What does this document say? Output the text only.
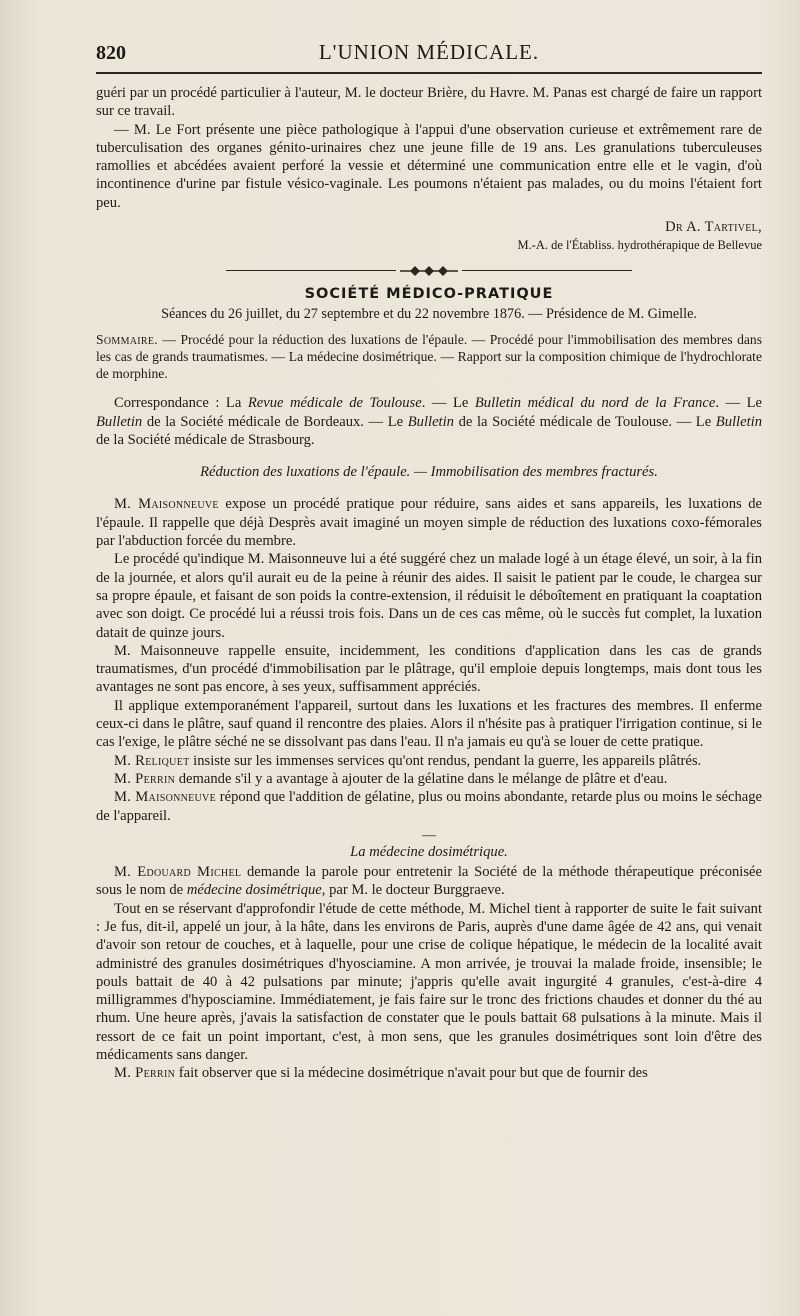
820	L'UNION MÉDICALE.

guéri par un procédé particulier à l'auteur, M. le docteur Brière, du Havre. M. Panas est chargé de faire un rapport sur ce travail.

— M. Le Fort présente une pièce pathologique à l'appui d'une observation curieuse et extrêmement rare de tuberculisation des organes génito-urinaires chez une jeune fille de 19 ans. Les granulations tuberculeuses ramollies et abcédées avaient perforé la vessie et déterminé une communication entre elle et le vagin, d'où incontinence d'urine par fistule vésico-vaginale. Les poumons n'étaient pas malades, ou du moins l'étaient fort peu.

Dr A. Tartivel,
M.-A. de l'Établiss. hydrothérapique de Bellevue
SOCIÉTÉ MÉDICO-PRATIQUE
Séances du 26 juillet, du 27 septembre et du 22 novembre 1876. — Présidence de M. Gimelle.

Sommaire. — Procédé pour la réduction des luxations de l'épaule. — Procédé pour l'immobilisation des membres dans les cas de grands traumatismes. — La médecine dosimétrique. — Rapport sur la composition chimique de l'hydrochlorate de morphine.

Correspondance : La Revue médicale de Toulouse. — Le Bulletin médical du nord de la France. — Le Bulletin de la Société médicale de Bordeaux. — Le Bulletin de la Société médicale de Toulouse. — Le Bulletin de la Société médicale de Strasbourg.

Réduction des luxations de l'épaule. — Immobilisation des membres fracturés.

M. Maisonneuve expose un procédé pratique pour réduire, sans aides et sans appareils, les luxations de l'épaule. Il rappelle que déjà Desprès avait imaginé un moyen simple de réduction des luxations coxo-fémorales par l'abduction forcée du membre.

Le procédé qu'indique M. Maisonneuve lui a été suggéré chez un malade logé à un étage élevé, un soir, à la fin de la journée, et alors qu'il aurait eu de la peine à réunir des aides. Il saisit le patient par le coude, le chargea sur sa propre épaule, et faisant de son poids la contre-extension, il réduisit le déboîtement en pratiquant la coaptation avec son doigt. Ce procédé lui a réussi trois fois. Dans un de ces cas même, où le succès fut complet, la luxation datait de quinze jours.

M. Maisonneuve rappelle ensuite, incidemment, les conditions d'application dans les cas de grands traumatismes, d'un procédé d'immobilisation par le plâtrage, qu'il emploie depuis longtemps, mais dont tous les avantages ne sont pas encore, à ses yeux, suffisamment appréciés.

Il applique extemporanément l'appareil, surtout dans les luxations et les fractures des membres. Il enferme ceux-ci dans le plâtre, sauf quand il rencontre des plaies. Alors il n'hésite pas à pratiquer l'irrigation continue, si le cas l'exige, le plâtre séché ne se dissolvant pas dans l'eau. Il n'a jamais eu qu'à se louer de cette pratique.

M. Reliquet insiste sur les immenses services qu'ont rendus, pendant la guerre, les appareils plâtrés.

M. Perrin demande s'il y a avantage à ajouter de la gélatine dans le mélange de plâtre et d'eau.

M. Maisonneuve répond que l'addition de gélatine, plus ou moins abondante, retarde plus ou moins le séchage de l'appareil.

—
La médecine dosimétrique.

M. Edouard Michel demande la parole pour entretenir la Société de la méthode thérapeutique préconisée sous le nom de médecine dosimétrique, par M. le docteur Burggraeve.

Tout en se réservant d'approfondir l'étude de cette méthode, M. Michel tient à rapporter de suite le fait suivant : Je fus, dit-il, appelé un jour, à la hâte, dans les environs de Paris, auprès d'une dame âgée de 42 ans, qui venait d'avoir son retour de couches, et à laquelle, pour une crise de colique hépatique, le médecin de la localité avait administré des granules dosimétriques d'hyosciamine. A mon arrivée, je trouvai la malade froide, insensible; le pouls battait de 40 à 42 pulsations par minute; j'appris qu'elle avait ingurgité 4 granules, c'est-à-dire 4 milligrammes d'hyposciamine. Immédiatement, je fais faire sur le tronc des frictions chaudes et donner du thé au rhum. Une heure après, j'avais la satisfaction de constater que le pouls battait 68 pulsations à la minute. Mais il ressort de ce fait un point important, c'est, à mon sens, que les granules dosimétriques sont loin d'être des médicaments sans danger.

M. Perrin fait observer que si la médecine dosimétrique n'avait pour but que de fournir des
